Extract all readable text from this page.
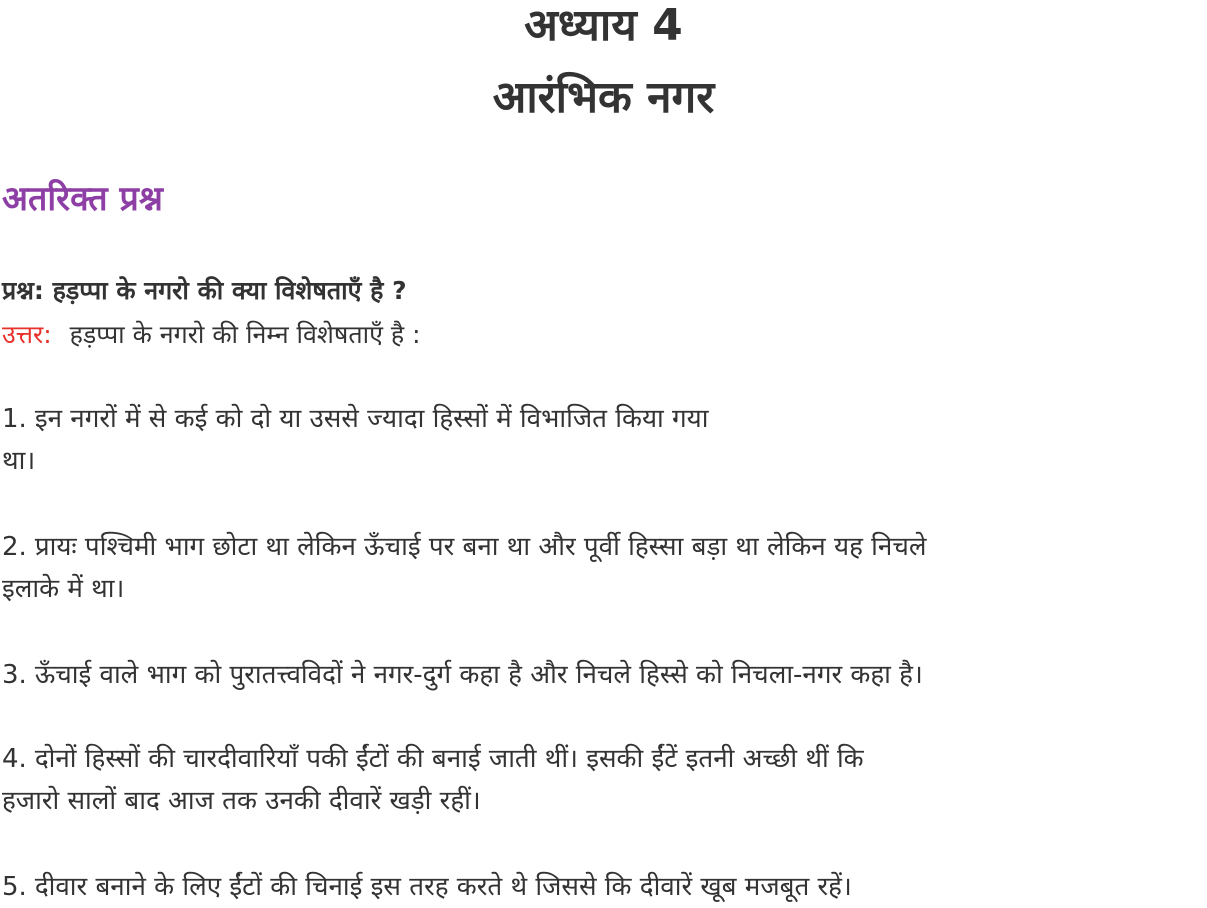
अध्याय 4
आरंभिक नगर
अतरिक्त प्रश्न

प्रश्न: हड़प्पा के नगरो की क्या विशेषताएँ है ?

उत्तर: हड़प्पा के नगरो की निम्न विशेषताएँ है :

1. इन नगरों में से कई को दो या उससे ज्यादा हिस्सों में विभाजित किया गया
था।

2. प्रायः पश्चिमी भाग छोटा था लेकिन ऊँचाई पर बना था और पूर्वी हिस्सा बड़ा था लेकिन यह निचले
इलाके में था।

3. ऊँचाई वाले भाग को पुरातत्त्वविदों ने नगर-दुर्ग कहा है और निचले हिस्से को निचला-नगर कहा है।

4. दोनों हिस्सों की चारदीवारियाँ पकी ईंटों की बनाई जाती थीं। इसकी ईंटें इतनी अच्छी थीं कि
हजारो सालों बाद आज तक उनकी दीवारें खड़ी रहीं।

5. दीवार बनाने के लिए ईंटों की चिनाई इस तरह करते थे जिससे कि दीवारें खूब मजबूत रहें।
